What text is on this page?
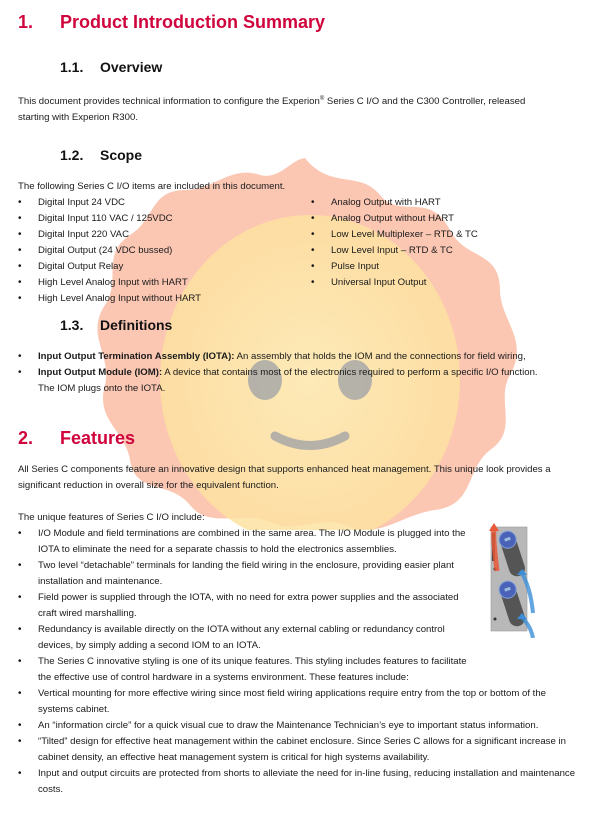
1. Product Introduction Summary
1.1. Overview
This document provides technical information to configure the Experion® Series C I/O and the C300 Controller, released starting with Experion R300.
1.2. Scope
The following Series C I/O items are included in this document.
• Digital Input 24 VDC
• Digital Input 110 VAC / 125VDC
• Digital Input 220 VAC
• Digital Output (24 VDC bussed)
• Digital Output Relay
• High Level Analog Input with HART
• High Level Analog Input without HART
• Analog Output with HART
• Analog Output without HART
• Low Level Multiplexer – RTD & TC
• Low Level Input – RTD & TC
• Pulse Input
• Universal Input Output
1.3. Definitions
• Input Output Termination Assembly (IOTA): An assembly that holds the IOM and the connections for field wiring,
• Input Output Module (IOM): A device that contains most of the electronics required to perform a specific I/O function. The IOM plugs onto the IOTA.
2. Features
All Series C components feature an innovative design that supports enhanced heat management. This unique look provides a significant reduction in overall size for the equivalent function.
The unique features of Series C I/O include:
• I/O Module and field terminations are combined in the same area. The I/O Module is plugged into the IOTA to eliminate the need for a separate chassis to hold the electronics assemblies.
• Two level “detachable” terminals for landing the field wiring in the enclosure, providing easier plant installation and maintenance.
• Field power is supplied through the IOTA, with no need for extra power supplies and the associated craft wired marshalling.
• Redundancy is available directly on the IOTA without any external cabling or redundancy control devices, by simply adding a second IOM to an IOTA.
• The Series C innovative styling is one of its unique features. This styling includes features to facilitate the effective use of control hardware in a systems environment. These features include:
• Vertical mounting for more effective wiring since most field wiring applications require entry from the top or bottom of the systems cabinet.
• An “information circle” for a quick visual cue to draw the Maintenance Technician’s eye to important status information.
• “Tilted” design for effective heat management within the cabinet enclosure. Since Series C allows for a significant increase in cabinet density, an effective heat management system is critical for high systems availability.
• Input and output circuits are protected from shorts to alleviate the need for in-line fusing, reducing installation and maintenance costs.
